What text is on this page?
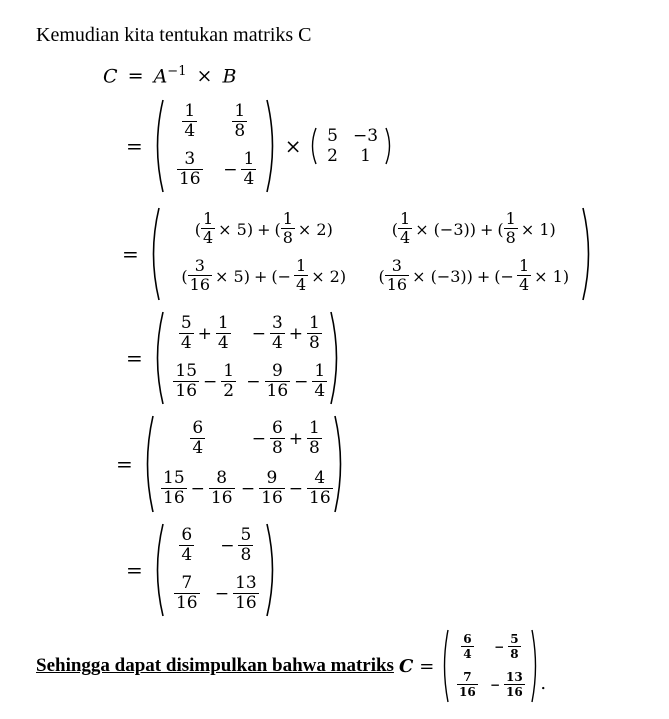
Kemudian kita tentukan matriks C
$C = A^{-1} \times B$
=
$\frac{1}{4} \frac{1}{8}$
$\frac{3}{16} - \frac{1}{4}$
× 5 −3
2 1
=
( $\frac{1}{4} \times 5$ ) + ( $\frac{1}{8} \times 2$ )	( $\frac{1}{4} \times (-3)$ ) + ( $\frac{1}{8} \times 1$ )
( $\frac{3}{16} \times 5$ ) + ( − $\frac{1}{4} \times 2$ ) ( $\frac{3}{16} \times (-3)$ ) + ( − $\frac{1}{4} \times 1$ )
=
$\frac{5}{4} + \frac{1}{4} - \frac{3}{4} + \frac{1}{8}$
$\frac{15}{16} - \frac{1}{2} - \frac{9}{16} - \frac{1}{4}$
=
$\frac{6}{4}$	− $\frac{6}{8} + \frac{1}{8}$
$\frac{15}{16} - \frac{8}{16} - \frac{9}{16} - \frac{4}{16}$
=
$\frac{6}{4} - \frac{5}{8}$
$\frac{7}{16} - \frac{13}{16}$
Sehingga dapat disimpulkan bahwa matriks C =
$\frac{6}{4} - \frac{5}{8}$
$\frac{7}{16} - \frac{13}{16}$ .
